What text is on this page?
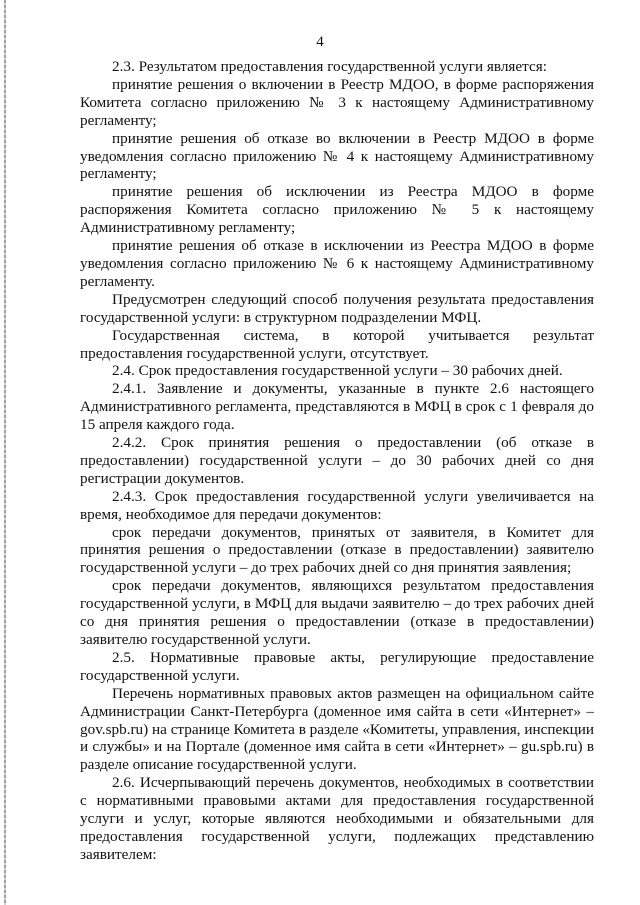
4

2.3. Результатом предоставления государственной услуги является:

принятие решения о включении в Реестр МДОО, в форме распоряжения Комитета согласно приложению № 3 к настоящему Административному регламенту;

принятие решения об отказе во включении в Реестр МДОО в форме уведомления согласно приложению № 4 к настоящему Административному регламенту;

принятие решения об исключении из Реестра МДОО в форме распоряжения Комитета согласно приложению № 5 к настоящему Административному регламенту;

принятие решения об отказе в исключении из Реестра МДОО в форме уведомления согласно приложению № 6 к настоящему Административному регламенту.

Предусмотрен следующий способ получения результата предоставления государственной услуги: в структурном подразделении МФЦ.

Государственная система, в которой учитывается результат предоставления государственной услуги, отсутствует.

2.4. Срок предоставления государственной услуги – 30 рабочих дней.

2.4.1. Заявление и документы, указанные в пункте 2.6 настоящего Административного регламента, представляются в МФЦ в срок с 1 февраля до 15 апреля каждого года.

2.4.2. Срок принятия решения о предоставлении (об отказе в предоставлении) государственной услуги – до 30 рабочих дней со дня регистрации документов.

2.4.3. Срок предоставления государственной услуги увеличивается на время, необходимое для передачи документов:

срок передачи документов, принятых от заявителя, в Комитет для принятия решения о предоставлении (отказе в предоставлении) заявителю государственной услуги – до трех рабочих дней со дня принятия заявления;

срок передачи документов, являющихся результатом предоставления государственной услуги, в МФЦ для выдачи заявителю – до трех рабочих дней со дня принятия решения о предоставлении (отказе в предоставлении) заявителю государственной услуги.

2.5. Нормативные правовые акты, регулирующие предоставление государственной услуги.

Перечень нормативных правовых актов размещен на официальном сайте Администрации Санкт-Петербурга (доменное имя сайта в сети «Интернет» –gov.spb.ru) на странице Комитета в разделе «Комитеты, управления, инспекции и службы» и на Портале (доменное имя сайта в сети «Интернет» – gu.spb.ru) в разделе описание государственной услуги.

2.6. Исчерпывающий перечень документов, необходимых в соответствии с нормативными правовыми актами для предоставления государственной услуги и услуг, которые являются необходимыми и обязательными для предоставления государственной услуги, подлежащих представлению заявителем:
